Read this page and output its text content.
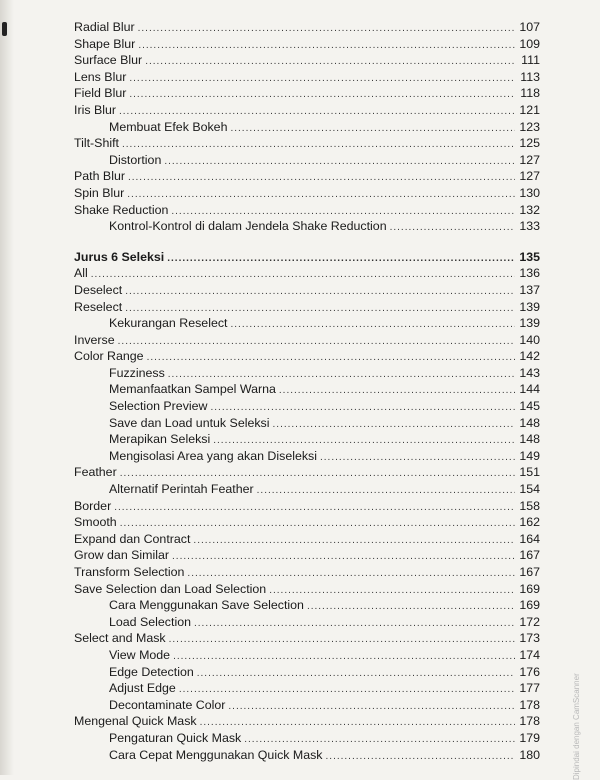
Radial Blur .....	107
Shape Blur .....	109
Surface Blur .....	111
Lens Blur .....	113
Field Blur .....	118
Iris Blur .....	121
Membuat Efek Bokeh .....	123
Tilt-Shift .....	125
Distortion .....	127
Path Blur .....	127
Spin Blur .....	130
Shake Reduction .....	132
Kontrol-Kontrol di dalam Jendela Shake Reduction .....	133
Jurus 6 Seleksi .....	135
All .....	136
Deselect .....	137
Reselect .....	139
Kekurangan Reselect .....	139
Inverse .....	140
Color Range .....	142
Fuzziness .....	143
Memanfaatkan Sampel Warna .....	144
Selection Preview .....	145
Save dan Load untuk Seleksi .....	148
Merapikan Seleksi .....	148
Mengisolasi Area yang akan Diseleksi .....	149
Feather .....	151
Alternatif Perintah Feather .....	154
Border .....	158
Smooth .....	162
Expand dan Contract .....	164
Grow dan Similar .....	167
Transform Selection .....	167
Save Selection dan Load Selection .....	169
Cara Menggunakan Save Selection .....	169
Load Selection .....	172
Select and Mask .....	173
View Mode .....	174
Edge Detection .....	176
Adjust Edge .....	177
Decontaminate Color .....	178
Mengenal Quick Mask .....	178
Pengaturan Quick Mask .....	179
Cara Cepat Menggunakan Quick Mask .....	180	Dipindai dengan CamScanner
